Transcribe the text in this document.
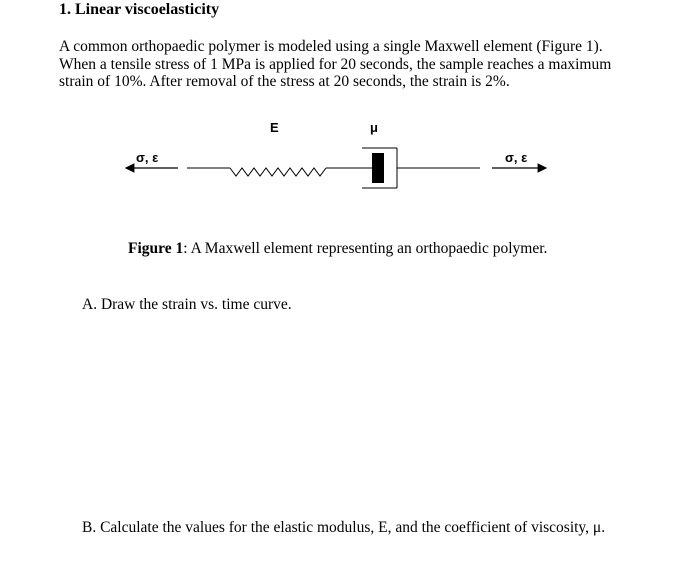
1. Linear viscoelasticity

A common orthopaedic polymer is modeled using a single Maxwell element (Figure 1).
When a tensile stress of 1 MPa is applied for 20 seconds, the sample reaches a maximum
strain of 10%. After removal of the stress at 20 seconds, the strain is 2%.

E	μ
σ, ε	σ, ε

Figure 1: A Maxwell element representing an orthopaedic polymer.

A. Draw the strain vs. time curve.

B. Calculate the values for the elastic modulus, E, and the coefficient of viscosity, μ.
